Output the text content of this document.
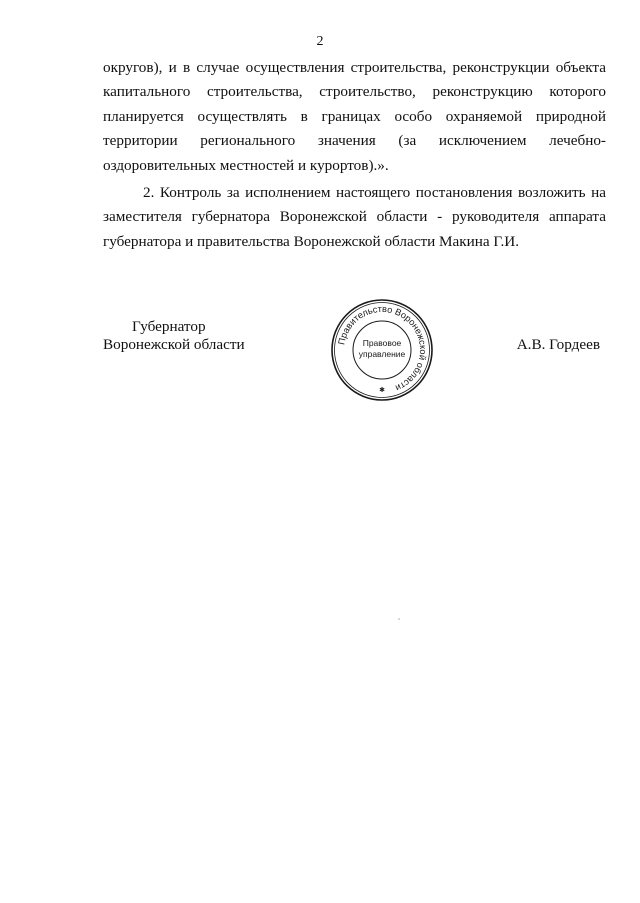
2

округов), и в случае осуществления строительства, реконструкции объекта
капитального строительства, строительство, реконструкцию которого
планируется осуществлять в границах особо охраняемой природной
территории регионального значения (за исключением лечебно-
оздоровительных местностей и курортов).».

2. Контроль за исполнением настоящего постановления возложить на
заместителя губернатора Воронежской области - руководителя аппарата
губернатора и правительства Воронежской области Макина Г.И.

Губернатор
Воронежской области	А.В. Гордеев
Правительство Воронежской области
Правовое
управление
✱
